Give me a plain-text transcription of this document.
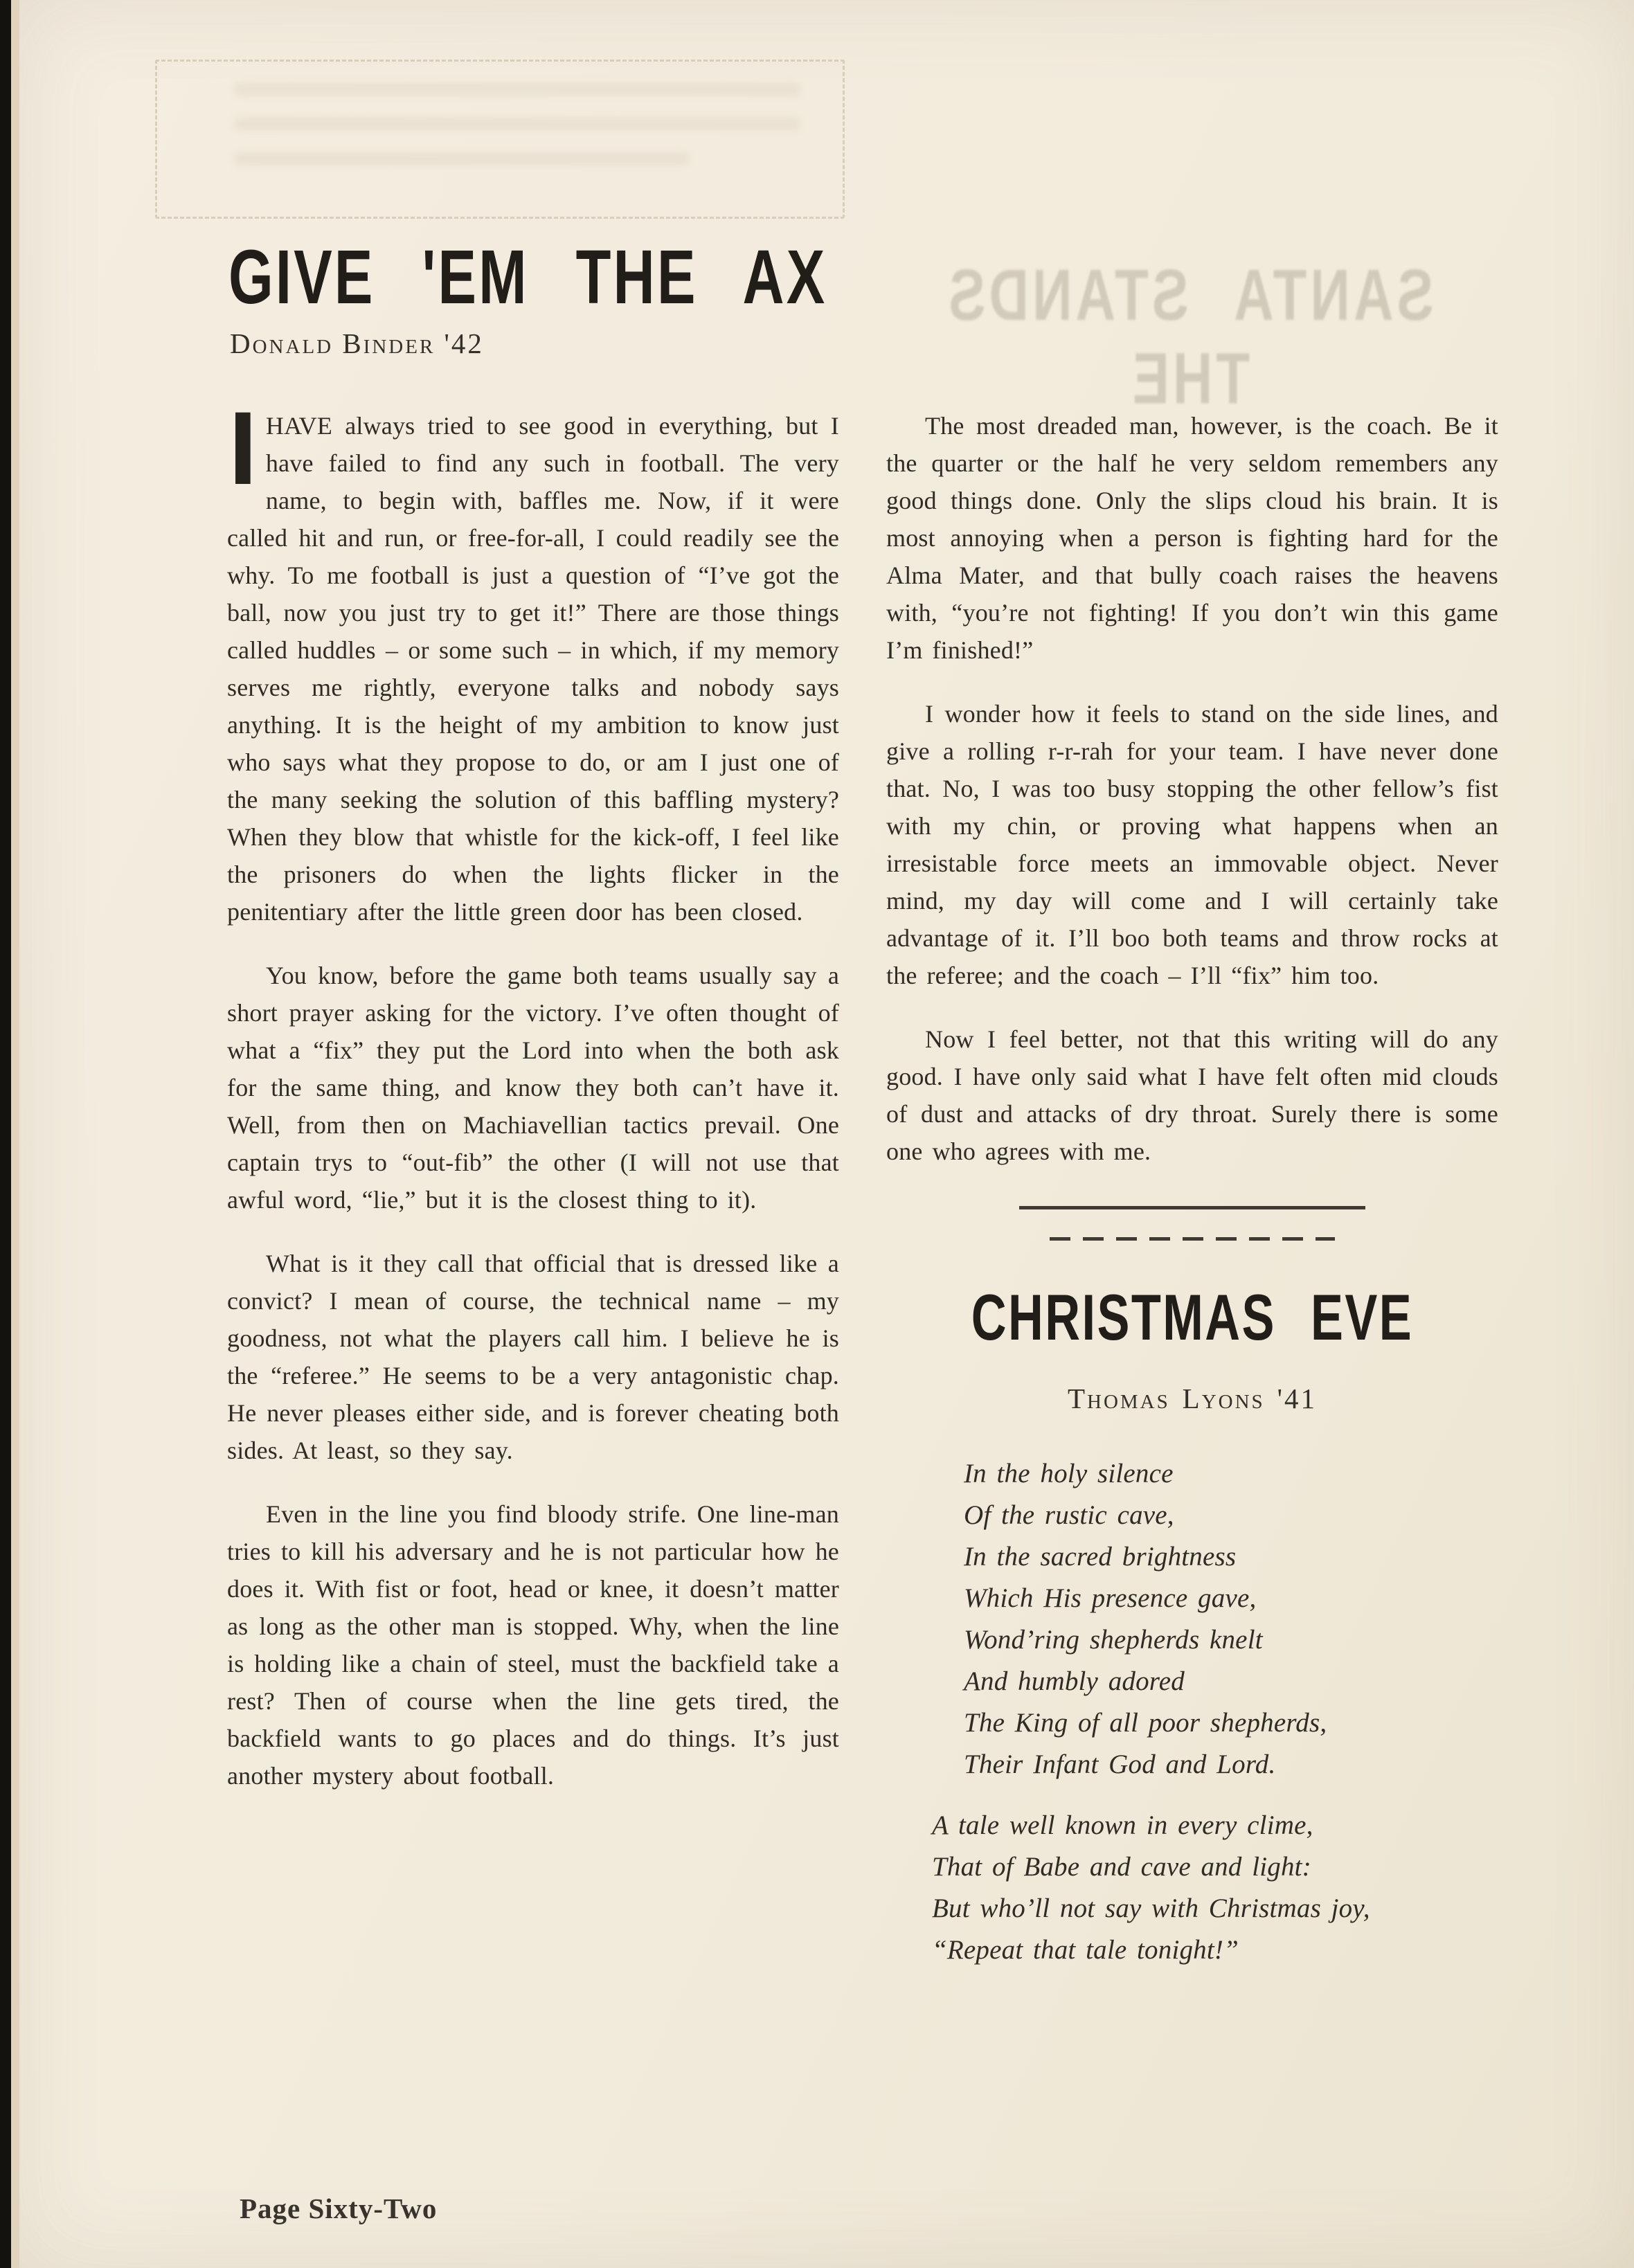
SANTA STANDS THE
GIVE 'EM THE AX
Donald Binder '42

IHAVE always tried to see good in everything, but I have failed to find any such in football. The very name, to begin with, baffles me. Now, if it were called hit and run, or free-for-all, I could readily see the why. To me football is just a question of “I’ve got the ball, now you just try to get it!” There are those things called huddles – or some such – in which, if my memory serves me rightly, everyone talks and nobody says anything. It is the height of my ambition to know just who says what they propose to do, or am I just one of the many seeking the solution of this baffling mystery? When they blow that whistle for the kick-off, I feel like the prisoners do when the lights flicker in the penitentiary after the little green door has been closed.

You know, before the game both teams usually say a short prayer asking for the victory. I’ve often thought of what a “fix” they put the Lord into when the both ask for the same thing, and know they both can’t have it. Well, from then on Machiavellian tactics prevail. One captain trys to “out-fib” the other (I will not use that awful word, “lie,” but it is the closest thing to it).

What is it they call that official that is dressed like a convict? I mean of course, the technical name – my goodness, not what the players call him. I believe he is the “referee.” He seems to be a very antagonistic chap. He never pleases either side, and is forever cheating both sides. At least, so they say.

Even in the line you find bloody strife. One line-man tries to kill his adversary and he is not particular how he does it. With fist or foot, head or knee, it doesn’t matter as long as the other man is stopped. Why, when the line is holding like a chain of steel, must the backfield take a rest? Then of course when the line gets tired, the backfield wants to go places and do things. It’s just another mystery about football.

The most dreaded man, however, is the coach. Be it the quarter or the half he very seldom remembers any good things done. Only the slips cloud his brain. It is most annoying when a person is fighting hard for the Alma Mater, and that bully coach raises the heavens with, “you’re not fighting! If you don’t win this game I’m finished!”

I wonder how it feels to stand on the side lines, and give a rolling r-r-rah for your team. I have never done that. No, I was too busy stopping the other fellow’s fist with my chin, or proving what happens when an irresistable force meets an immovable object. Never mind, my day will come and I will certainly take advantage of it. I’ll boo both teams and throw rocks at the referee; and the coach – I’ll “fix” him too.

Now I feel better, not that this writing will do any good. I have only said what I have felt often mid clouds of dust and attacks of dry throat. Surely there is some one who agrees with me.

CHRISTMAS EVE
Thomas Lyons '41
In the holy silence
Of the rustic cave,
In the sacred brightness
Which His presence gave,
Wond’ring shepherds knelt
And humbly adored
The King of all poor shepherds,
Their Infant God and Lord.
A tale well known in every clime,
That of Babe and cave and light:
But who’ll not say with Christmas joy,
“Repeat that tale tonight!”
Page Sixty-Two
